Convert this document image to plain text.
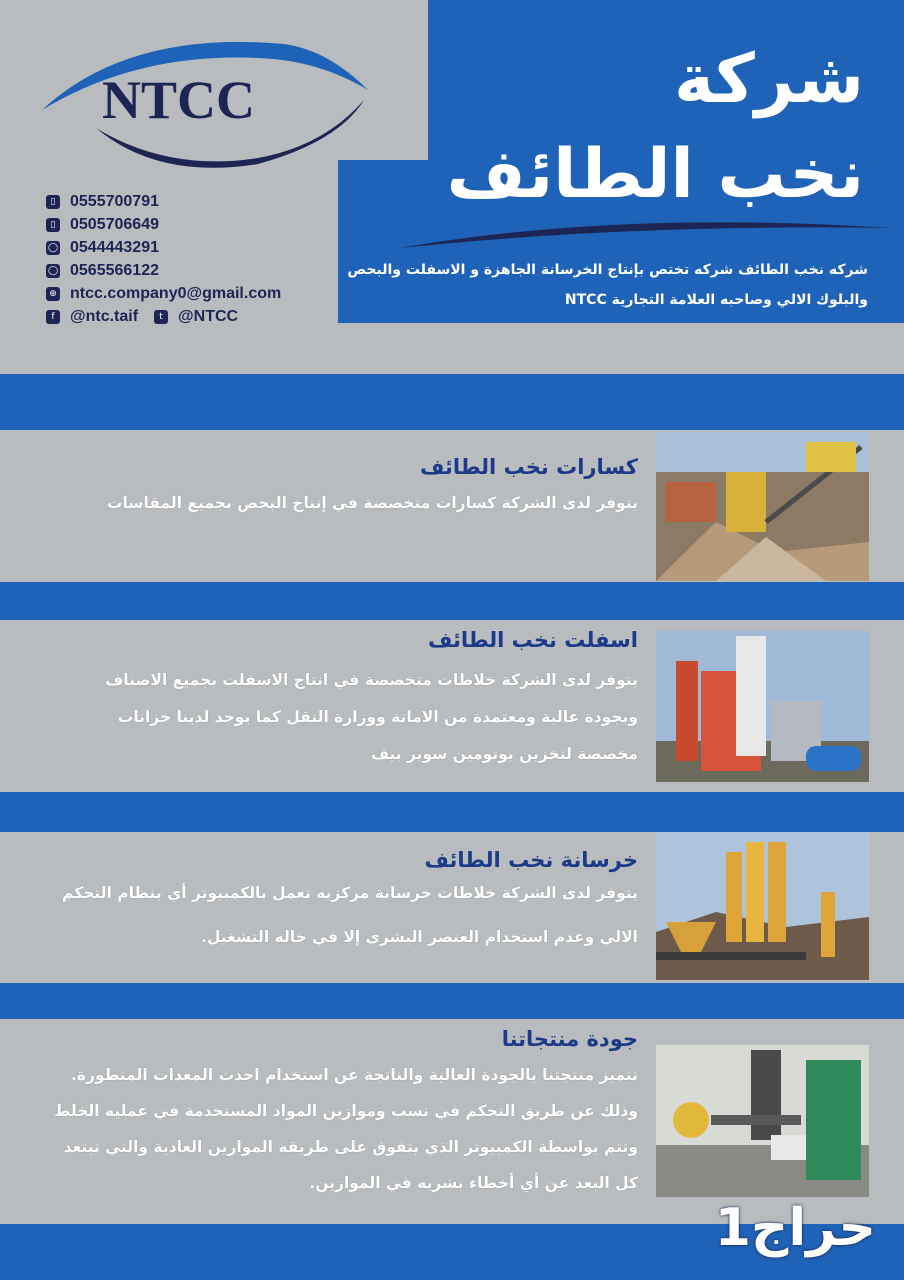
شركة
نخب الطائف
شركه نخب الطائف شركه تختص بإنتاج الخرسانة الجاهزة و الاسفلت والبحص
والبلوك الالي وصاحبه العلامة التجارية NTCC
NTCC
▯ 0555700791
▯ 0505706649
◯ 0544443291
◯ 0565566122
⊕ ntcc.company0@gmail.com
f @ntc.taif	t @NTCC
كسارات نخب الطائف
يتوفر لدى الشركة كسارات متخصصة في إنتاج البحص بجميع المقاسات
اسفلت نخب الطائف
يتوفر لدى الشركة خلاطات متخصصة في انتاج الاسفلت بجميع الاصناف
وبجودة عالية ومعتمدة من الامانة ووزارة النقل كما يوجد لدينا خزانات
مخصصة لتخزين بوتومين سوبر بيف
خرسانة نخب الطائف
يتوفر لدى الشركة خلاطات خرسانة مركزيه تعمل بالكمبيوتر أي بنظام التحكم
الالي وعدم استخدام العنصر البشرى إلا في حاله التشغيل.
جودة منتجاتنا
تتميز منتجتنا بالجودة العالية والناتجة عن استخدام احدث المعدات المتطورة.
وذلك عن طريق التحكم في نسب وموازين المواد المستخدمة في عمليه الخلط
وتتم بواسطة الكمبيوتر الذي يتفوق على طريقه الموازين العادية والتي تبتعد
كل البعد عن أي أخطاء بشريه في الموازين.
حراج1
